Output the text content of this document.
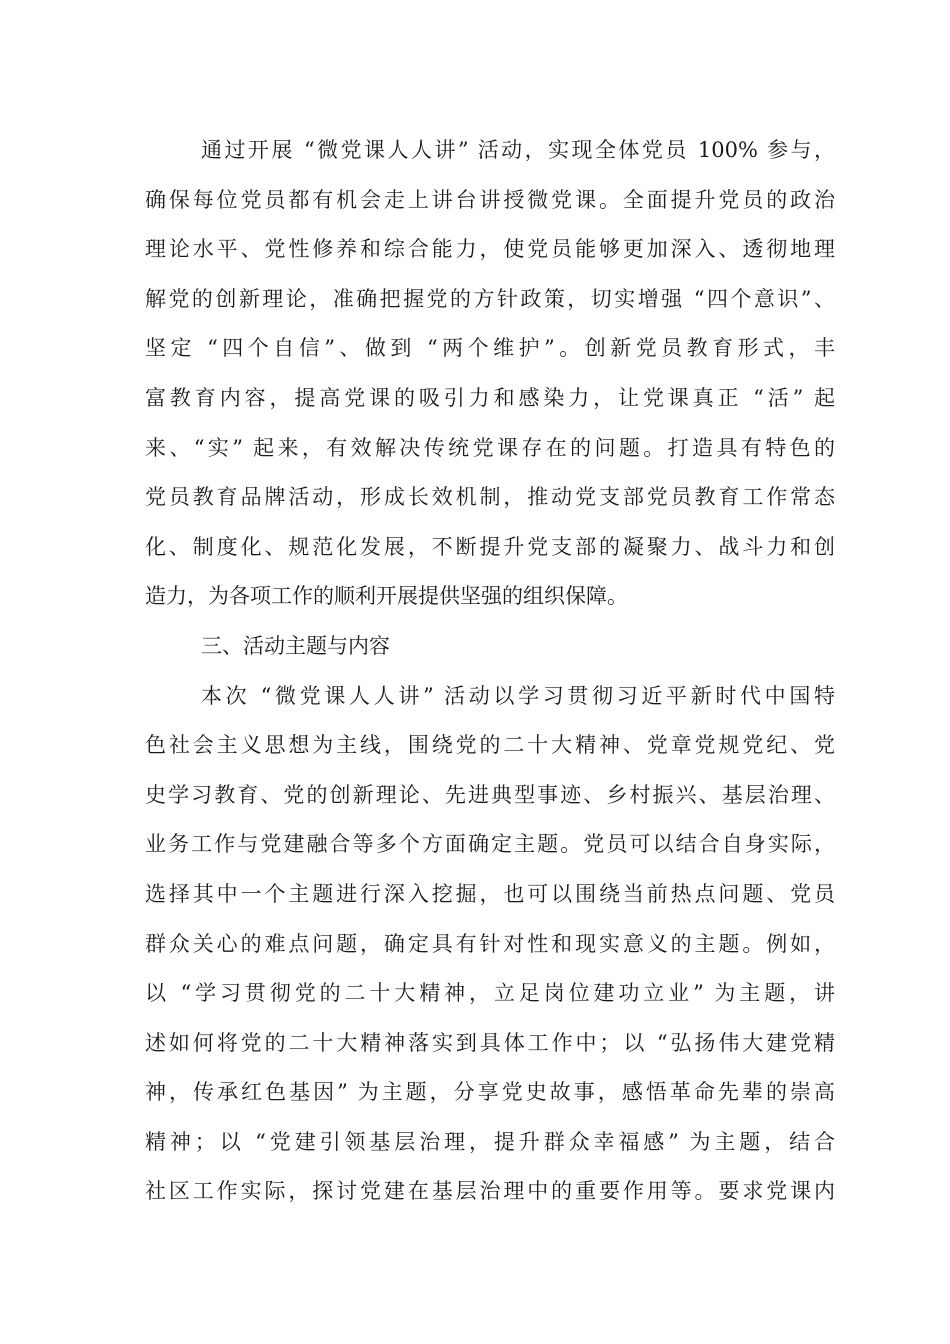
通过开展 “微党课人人讲” 活动，实现全体党员 100% 参与，
确保每位党员都有机会走上讲台讲授微党课。全面提升党员的政治
理论水平、党性修养和综合能力，使党员能够更加深入、透彻地理
解党的创新理论，准确把握党的方针政策，切实增强 “四个意识”、
坚定 “四个自信”、做到 “两个维护”。创新党员教育形式，丰
富教育内容，提高党课的吸引力和感染力，让党课真正 “活” 起
来、“实” 起来，有效解决传统党课存在的问题。打造具有特色的
党员教育品牌活动，形成长效机制，推动党支部党员教育工作常态
化、制度化、规范化发展，不断提升党支部的凝聚力、战斗力和创
造力，为各项工作的顺利开展提供坚强的组织保障。
三、活动主题与内容
本次 “微党课人人讲” 活动以学习贯彻习近平新时代中国特
色社会主义思想为主线，围绕党的二十大精神、党章党规党纪、党
史学习教育、党的创新理论、先进典型事迹、乡村振兴、基层治理、
业务工作与党建融合等多个方面确定主题。党员可以结合自身实际，
选择其中一个主题进行深入挖掘，也可以围绕当前热点问题、党员
群众关心的难点问题，确定具有针对性和现实意义的主题。例如，
以 “学习贯彻党的二十大精神，立足岗位建功立业” 为主题，讲
述如何将党的二十大精神落实到具体工作中；以 “弘扬伟大建党精
神，传承红色基因” 为主题，分享党史故事，感悟革命先辈的崇高
精神；以 “党建引领基层治理，提升群众幸福感” 为主题，结合
社区工作实际，探讨党建在基层治理中的重要作用等。要求党课内
